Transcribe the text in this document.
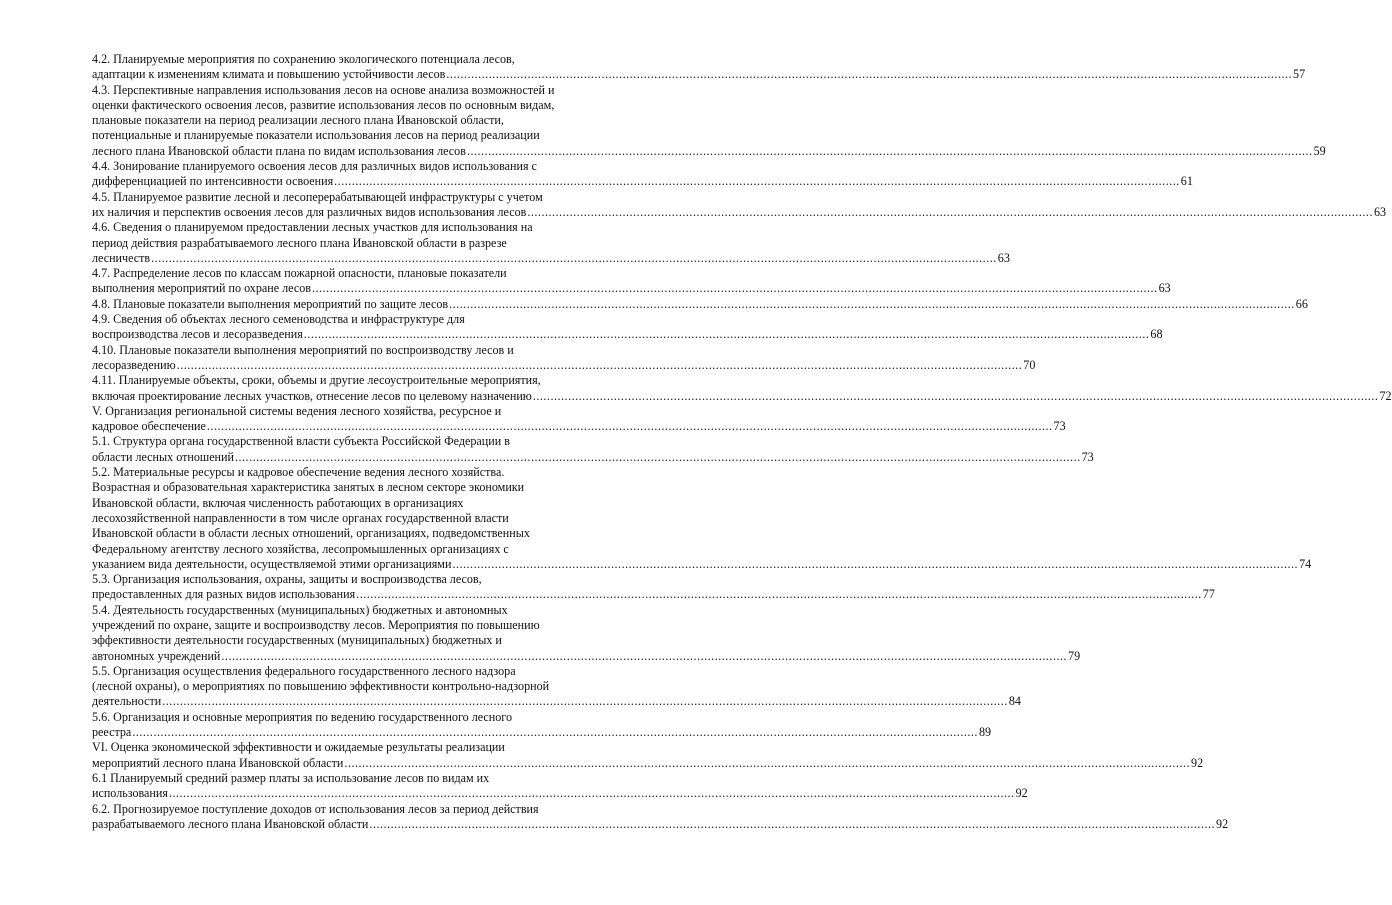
4.2. Планируемые мероприятия по сохранению экологического потенциала лесов,
адаптации к изменениям климата и повышению устойчивости лесов .....	57
4.3. Перспективные направления использования лесов на основе анализа возможностей и
оценки фактического освоения лесов, развитие использования лесов по основным видам,
плановые показатели на период реализации лесного плана Ивановской области,
потенциальные и планируемые показатели использования лесов на период реализации
лесного плана Ивановской области плана по видам использования лесов .....	59
4.4. Зонирование планируемого освоения лесов для различных видов использования с
дифференциацией по интенсивности освоения .....	61
4.5. Планируемое развитие лесной и лесоперерабатывающей инфраструктуры с учетом
их наличия и перспектив освоения лесов для различных видов использования лесов .....	63
4.6. Сведения о планируемом предоставлении лесных участков для использования на
период действия разрабатываемого лесного плана Ивановской области в разрезе
лесничеств .....	63
4.7. Распределение лесов по классам пожарной опасности, плановые показатели
выполнения мероприятий по охране лесов .....	63
4.8. Плановые показатели выполнения мероприятий по защите лесов .....	66
4.9. Сведения об объектах лесного семеноводства и инфраструктуре для
воспроизводства лесов и лесоразведения .....	68
4.10. Плановые показатели выполнения мероприятий по воспроизводству лесов и
лесоразведению .....	70
4.11. Планируемые объекты, сроки, объемы и другие лесоустроительные мероприятия,
включая проектирование лесных участков, отнесение лесов по целевому назначению .....	72
V. Организация региональной системы ведения лесного хозяйства, ресурсное и
кадровое обеспечение .....	73
5.1. Структура органа государственной власти субъекта Российской Федерации в
области лесных отношений .....	73
5.2. Материальные ресурсы и кадровое обеспечение ведения лесного хозяйства.
Возрастная и образовательная характеристика занятых в лесном секторе экономики
Ивановской области, включая численность работающих в организациях
лесохозяйственной направленности в том числе органах государственной власти
Ивановской области в области лесных отношений, организациях, подведомственных
Федеральному агентству лесного хозяйства, лесопромышленных организациях с
указанием вида деятельности, осуществляемой этими организациями .....	74
5.3. Организация использования, охраны, защиты и воспроизводства лесов,
предоставленных для разных видов использования .....	77
5.4. Деятельность государственных (муниципальных) бюджетных и автономных
учреждений по охране, защите и воспроизводству лесов. Мероприятия по повышению
эффективности деятельности государственных (муниципальных) бюджетных и
автономных учреждений .....	79
5.5. Организация осуществления федерального государственного лесного надзора
(лесной охраны), о мероприятиях по повышению эффективности контрольно-надзорной
деятельности .....	84
5.6. Организация и основные мероприятия по ведению государственного лесного
реестра .....	89
VI. Оценка экономической эффективности и ожидаемые результаты реализации
мероприятий лесного плана Ивановской области .....	92
6.1 Планируемый средний размер платы за использование лесов по видам их
использования .....	92
6.2. Прогнозируемое поступление доходов от использования лесов за период действия
разрабатываемого лесного плана Ивановской области .....	92
